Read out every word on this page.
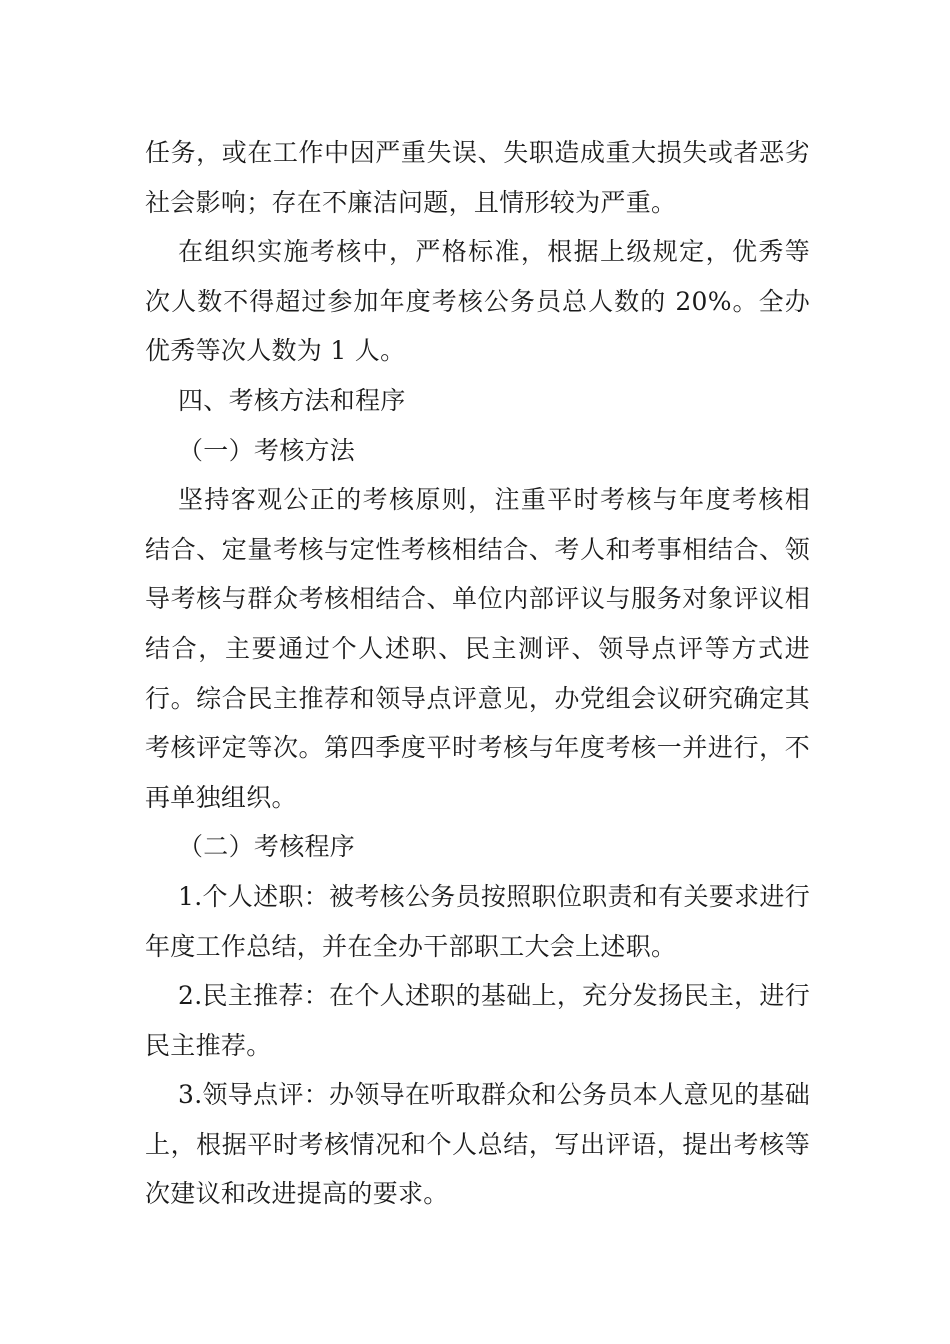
任务，或在工作中因严重失误、失职造成重大损失或者恶劣社会影响；存在不廉洁问题，且情形较为严重。

在组织实施考核中，严格标准，根据上级规定，优秀等次人数不得超过参加年度考核公务员总人数的 20%。全办优秀等次人数为 1 人。

四、考核方法和程序

（一）考核方法

坚持客观公正的考核原则，注重平时考核与年度考核相结合、定量考核与定性考核相结合、考人和考事相结合、领导考核与群众考核相结合、单位内部评议与服务对象评议相结合，主要通过个人述职、民主测评、领导点评等方式进行。综合民主推荐和领导点评意见，办党组会议研究确定其考核评定等次。第四季度平时考核与年度考核一并进行，不再单独组织。

（二）考核程序

1.个人述职：被考核公务员按照职位职责和有关要求进行年度工作总结，并在全办干部职工大会上述职。

2.民主推荐：在个人述职的基础上，充分发扬民主，进行民主推荐。

3.领导点评：办领导在听取群众和公务员本人意见的基础上，根据平时考核情况和个人总结，写出评语，提出考核等次建议和改进提高的要求。
